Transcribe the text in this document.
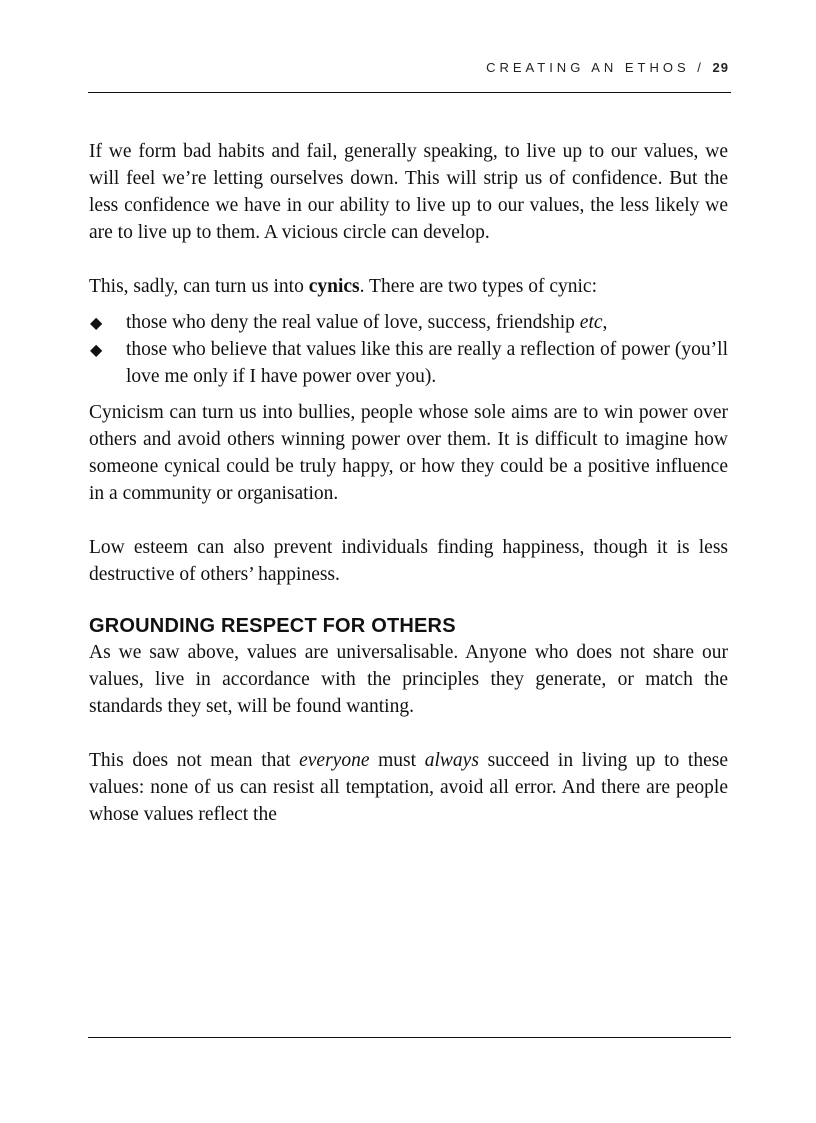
CREATING AN ETHOS / 29

If we form bad habits and fail, generally speaking, to live up to our values, we will feel we’re letting ourselves down. This will strip us of confidence. But the less confidence we have in our ability to live up to our values, the less likely we are to live up to them. A vicious circle can develop.

This, sadly, can turn us into cynics. There are two types of cynic:

◆ those who deny the real value of love, success, friendship etc,
◆ those who believe that values like this are really a reflection of power (you’ll love me only if I have power over you).

Cynicism can turn us into bullies, people whose sole aims are to win power over others and avoid others winning power over them. It is difficult to imagine how someone cynical could be truly happy, or how they could be a positive influence in a community or organisation.

Low esteem can also prevent individuals finding happiness, though it is less destructive of others’ happiness.

GROUNDING RESPECT FOR OTHERS

As we saw above, values are universalisable. Anyone who does not share our values, live in accordance with the principles they generate, or match the standards they set, will be found wanting.

This does not mean that everyone must always succeed in living up to these values: none of us can resist all temptation, avoid all error. And there are people whose values reflect the
